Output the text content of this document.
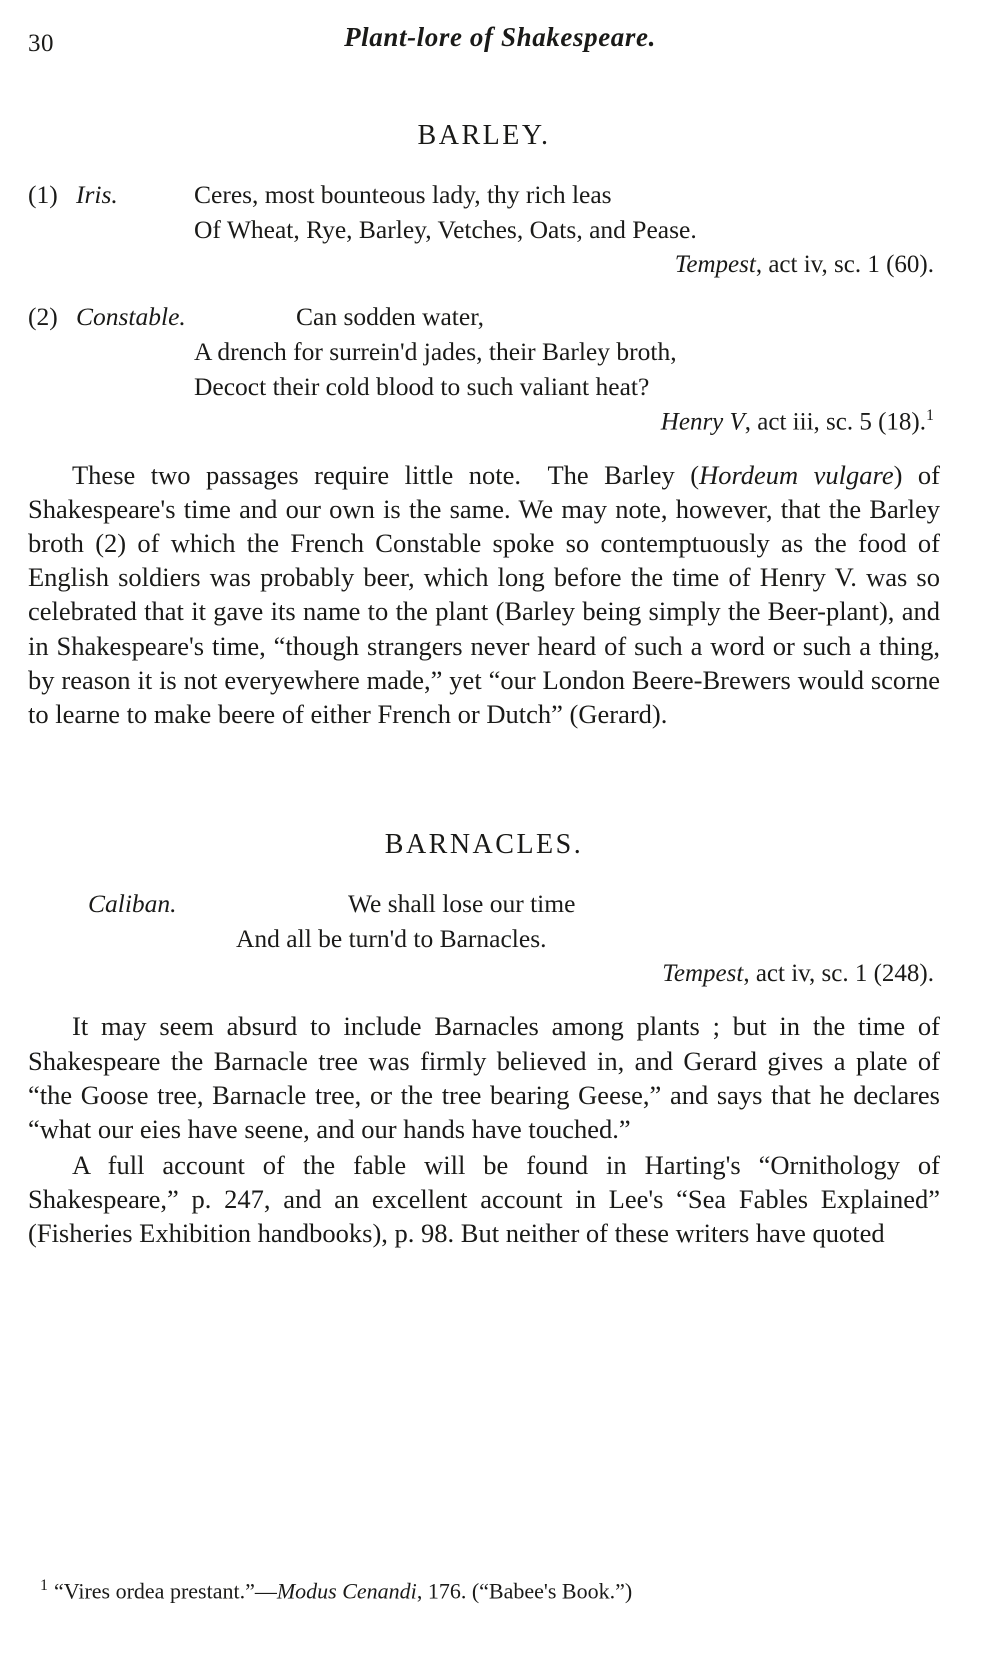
30	Plant-lore of Shakespeare.
BARLEY.
(1) Iris.	Ceres, most bounteous lady, thy rich leas
Of Wheat, Rye, Barley, Vetches, Oats, and Pease.
Tempest, act iv, sc. 1 (60).
(2) Constable.	Can sodden water,
A drench for surrein'd jades, their Barley broth,
Decoct their cold blood to such valiant heat?
Henry V, act iii, sc. 5 (18).$^1$

These two passages require little note. The Barley (Hordeum vulgare) of Shakespeare's time and our own is the same. We may note, however, that the Barley broth (2) of which the French Constable spoke so contemptuously as the food of English soldiers was probably beer, which long before the time of Henry V. was so celebrated that it gave its name to the plant (Barley being simply the Beer-plant), and in Shakespeare's time, “though strangers never heard of such a word or such a thing, by reason it is not everyewhere made,” yet “our London Beere-Brewers would scorne to learne to make beere of either French or Dutch” (Gerard).

BARNACLES.
Caliban.	We shall lose our time
And all be turn'd to Barnacles.
Tempest, act iv, sc. 1 (248).

It may seem absurd to include Barnacles among plants ; but in the time of Shakespeare the Barnacle tree was firmly believed in, and Gerard gives a plate of “the Goose tree, Barnacle tree, or the tree bearing Geese,” and says that he declares “what our eies have seene, and our hands have touched.”

A full account of the fable will be found in Harting's “Ornithology of Shakespeare,” p. 247, and an excellent account in Lee's “Sea Fables Explained” (Fisheries Exhibition handbooks), p. 98. But neither of these writers have quoted

$^1$ “Vires ordea prestant.”—Modus Cenandi, 176. (“Babee's Book.”)
